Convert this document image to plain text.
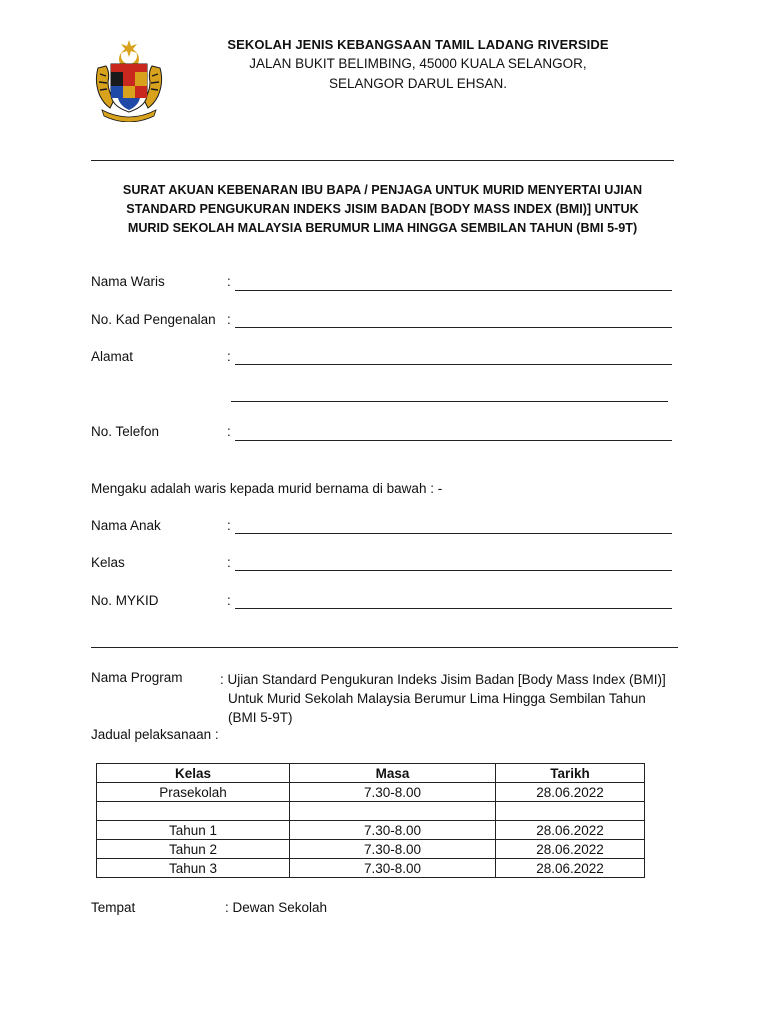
SEKOLAH JENIS KEBANGSAAN TAMIL LADANG RIVERSIDE
JALAN BUKIT BELIMBING, 45000 KUALA SELANGOR,
SELANGOR DARUL EHSAN.
SURAT AKUAN KEBENARAN IBU BAPA / PENJAGA UNTUK MURID MENYERTAI UJIAN
STANDARD PENGUKURAN INDEKS JISIM BADAN [BODY MASS INDEX (BMI)] UNTUK
MURID SEKOLAH MALAYSIA BERUMUR LIMA HINGGA SEMBILAN TAHUN (BMI 5-9T)
Nama Waris	:
No. Kad Pengenalan :
Alamat	:
No. Telefon	:
Mengaku adalah waris kepada murid bernama di bawah : -
Nama Anak	:
Kelas	:
No. MYKID	:
Nama Program	: Ujian Standard Pengukuran Indeks Jisim Badan [Body Mass Index (BMI)]
Untuk Murid Sekolah Malaysia Berumur Lima Hingga Sembilan Tahun
(BMI 5-9T)
Jadual pelaksanaan :
Kelas	Masa	Tarikh
Prasekolah	7.30-8.00	28.06.2022

Tahun 1	7.30-8.00	28.06.2022
Tahun 2	7.30-8.00	28.06.2022
Tahun 3	7.30-8.00	28.06.2022
Tempat	: Dewan Sekolah
